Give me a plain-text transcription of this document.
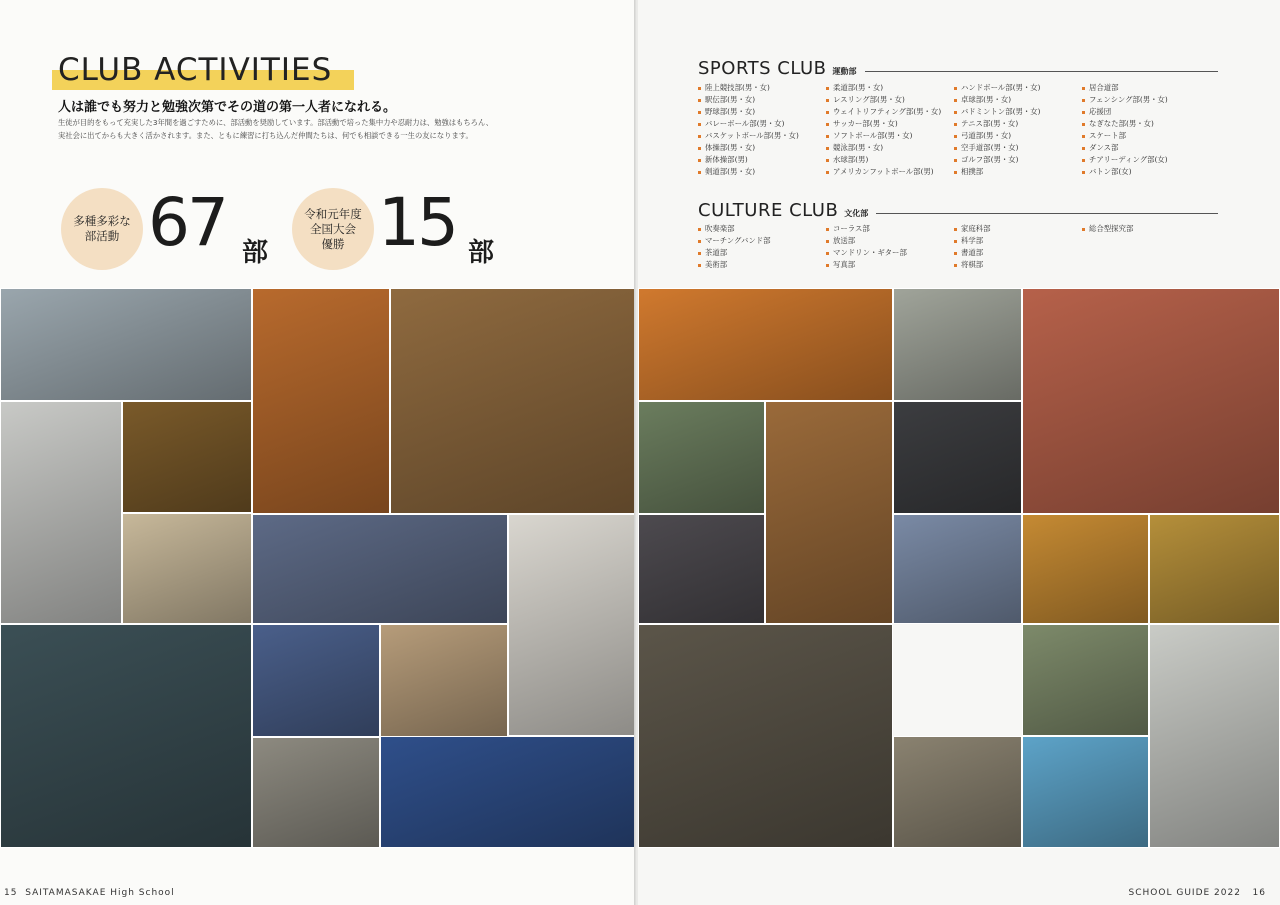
CLUB ACTIVITIES

人は誰でも努力と勉強次第でその道の第一人者になれる。

生徒が目的をもって充実した3年間を過ごすために、部活動を奨励しています。部活動で培った集中力や忍耐力は、勉強はもちろん、
実社会に出てからも大きく活かされます。また、ともに練習に打ち込んだ仲間たちは、何でも相談できる一生の友になります。

多種多彩な
部活動 67 部
令和元年度
全国大会
優勝 15 部
15 SAITAMASAKAE High School
SPORTS CLUB 運動部
陸上競技部(男・女)
駅伝部(男・女)
野球部(男・女)
バレーボール部(男・女)
バスケットボール部(男・女)
体操部(男・女)
新体操部(男)
剣道部(男・女)
柔道部(男・女)
レスリング部(男・女)
ウェイトリフティング部(男・女)
サッカー部(男・女)
ソフトボール部(男・女)
競泳部(男・女)
水球部(男)
アメリカンフットボール部(男)
ハンドボール部(男・女)
卓球部(男・女)
バドミントン部(男・女)
テニス部(男・女)
弓道部(男・女)
空手道部(男・女)
ゴルフ部(男・女)
相撲部
居合道部
フェンシング部(男・女)
応援団
なぎなた部(男・女)
スケート部
ダンス部
チアリーディング部(女)
バトン部(女)
CULTURE CLUB 文化部
吹奏楽部
マーチングバンド部
茶道部
美術部
コーラス部
放送部
マンドリン・ギター部
写真部
家庭科部
科学部
書道部
将棋部
総合型探究部
SCHOOL GUIDE 2022 16
